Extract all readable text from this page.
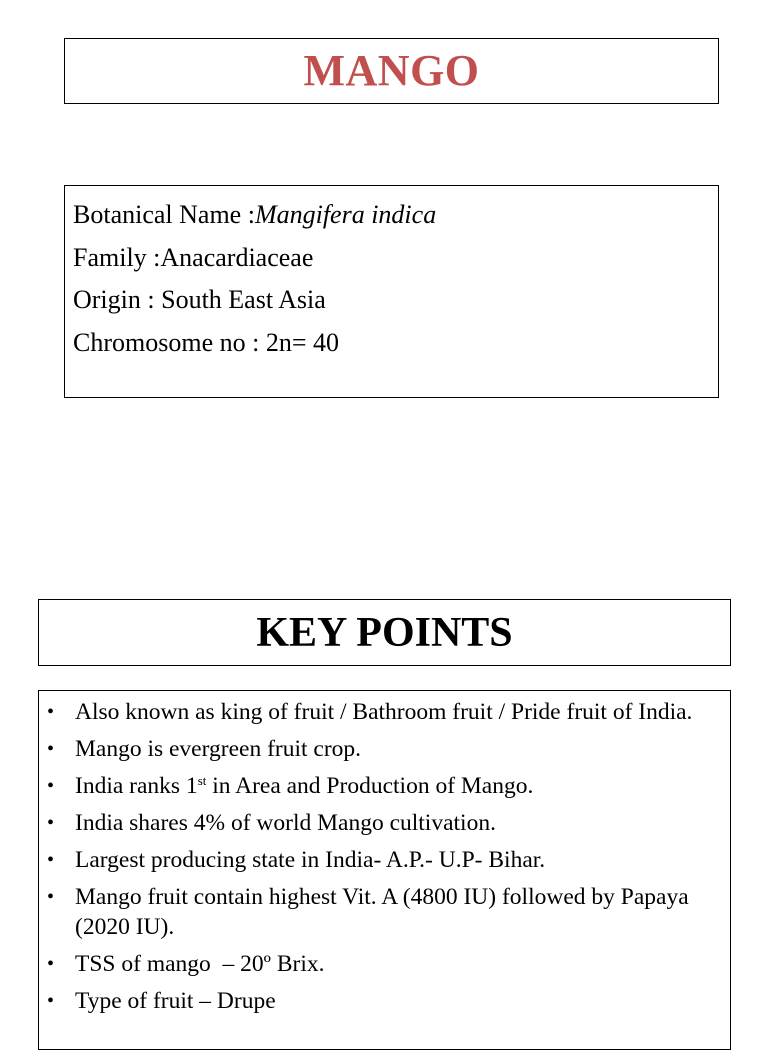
MANGO
Botanical Name :Mangifera indica
Family :Anacardiaceae
Origin : South East Asia
Chromosome no : 2n= 40
KEY POINTS
• Also known as king of fruit / Bathroom fruit / Pride fruit of India.
• Mango is evergreen fruit crop.
• India ranks 1st in Area and Production of Mango.
• India shares 4% of world Mango cultivation.
• Largest producing state in India- A.P.- U.P- Bihar.
• Mango fruit contain highest Vit. A (4800 IU) followed by Papaya (2020 IU).
• TSS of mango  – 20º Brix.
• Type of fruit – Drupe
